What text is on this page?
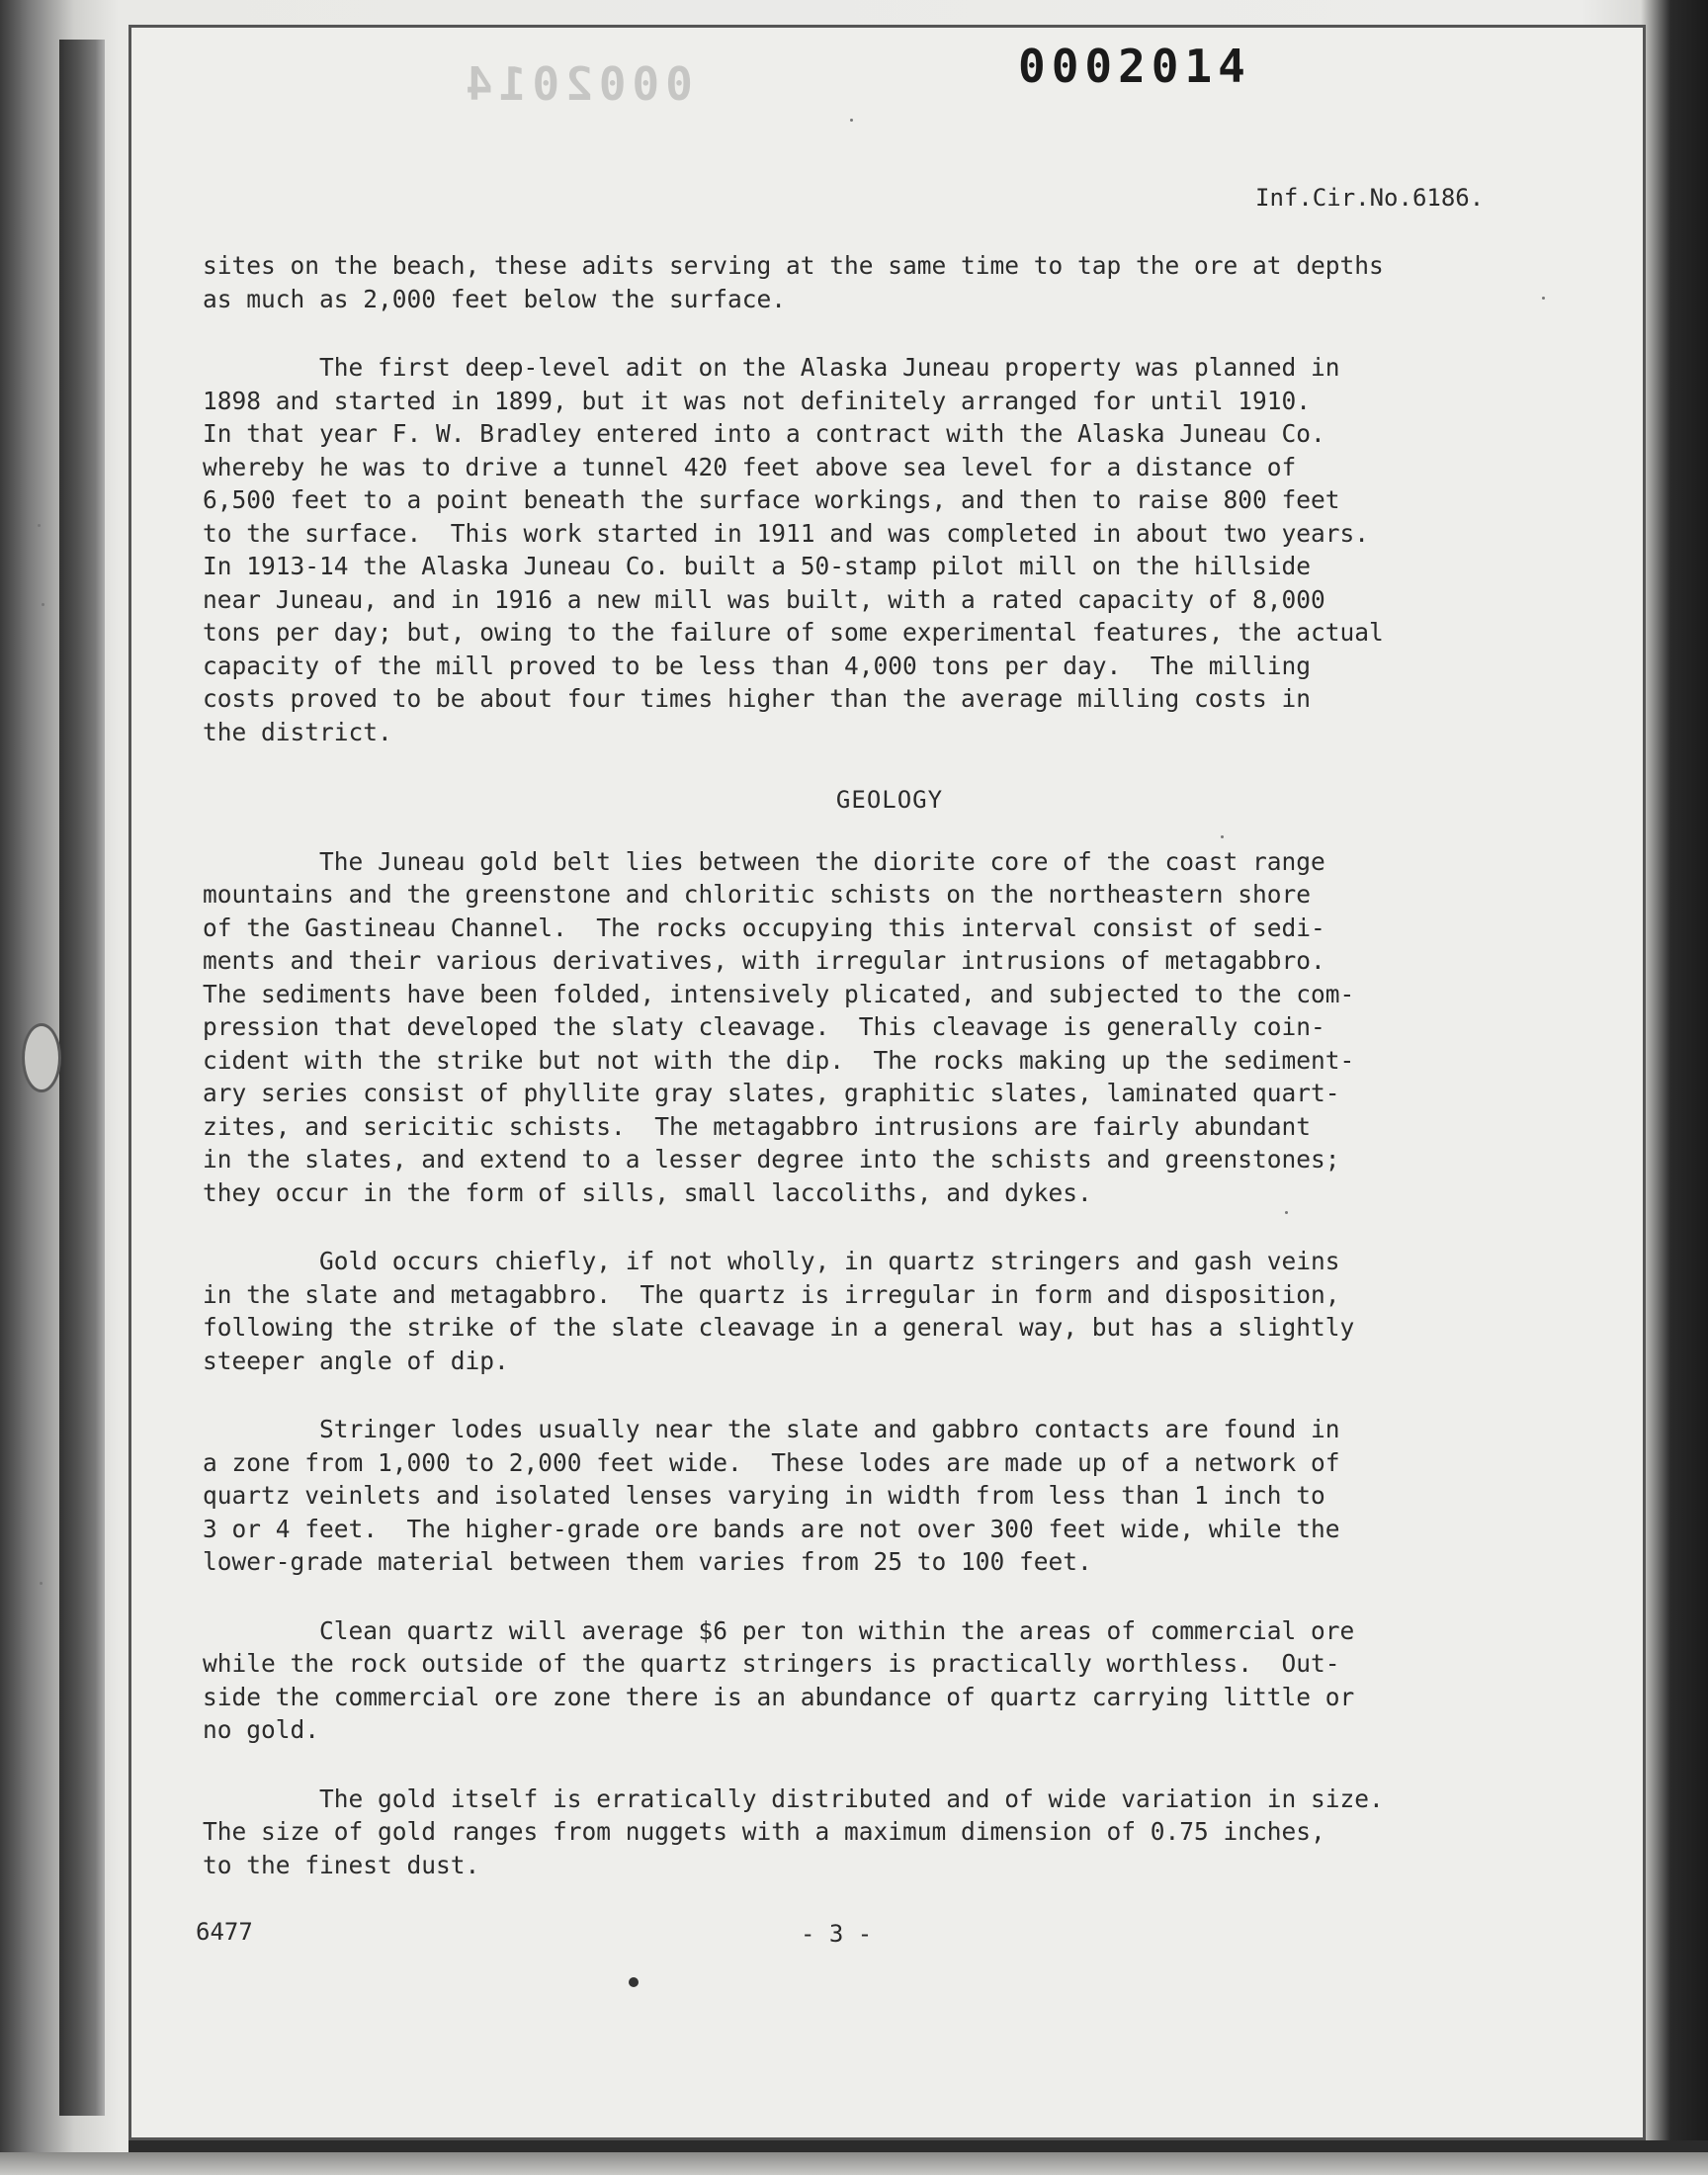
0002014	0002014
Inf.Cir.No.6186.

sites on the beach, these adits serving at the same time to tap the ore at depths
as much as 2,000 feet below the surface.

The first deep-level adit on the Alaska Juneau property was planned in
1898 and started in 1899, but it was not definitely arranged for until 1910.
In that year F. W. Bradley entered into a contract with the Alaska Juneau Co.
whereby he was to drive a tunnel 420 feet above sea level for a distance of
6,500 feet to a point beneath the surface workings, and then to raise 800 feet
to the surface.  This work started in 1911 and was completed in about two years.
In 1913-14 the Alaska Juneau Co. built a 50-stamp pilot mill on the hillside
near Juneau, and in 1916 a new mill was built, with a rated capacity of 8,000
tons per day; but, owing to the failure of some experimental features, the actual
capacity of the mill proved to be less than 4,000 tons per day.  The milling
costs proved to be about four times higher than the average milling costs in
the district.

GEOLOGY

The Juneau gold belt lies between the diorite core of the coast range
mountains and the greenstone and chloritic schists on the northeastern shore
of the Gastineau Channel.  The rocks occupying this interval consist of sedi-
ments and their various derivatives, with irregular intrusions of metagabbro.
The sediments have been folded, intensively plicated, and subjected to the com-
pression that developed the slaty cleavage.  This cleavage is generally coin-
cident with the strike but not with the dip.  The rocks making up the sediment-
ary series consist of phyllite gray slates, graphitic slates, laminated quart-
zites, and sericitic schists.  The metagabbro intrusions are fairly abundant
in the slates, and extend to a lesser degree into the schists and greenstones;
they occur in the form of sills, small laccoliths, and dykes.

Gold occurs chiefly, if not wholly, in quartz stringers and gash veins
in the slate and metagabbro.  The quartz is irregular in form and disposition,
following the strike of the slate cleavage in a general way, but has a slightly
steeper angle of dip.

Stringer lodes usually near the slate and gabbro contacts are found in
a zone from 1,000 to 2,000 feet wide.  These lodes are made up of a network of
quartz veinlets and isolated lenses varying in width from less than 1 inch to
3 or 4 feet.  The higher-grade ore bands are not over 300 feet wide, while the
lower-grade material between them varies from 25 to 100 feet.

Clean quartz will average $6 per ton within the areas of commercial ore
while the rock outside of the quartz stringers is practically worthless.  Out-
side the commercial ore zone there is an abundance of quartz carrying little or
no gold.

The gold itself is erratically distributed and of wide variation in size.
The size of gold ranges from nuggets with a maximum dimension of 0.75 inches,
to the finest dust.

6477	- 3 -
